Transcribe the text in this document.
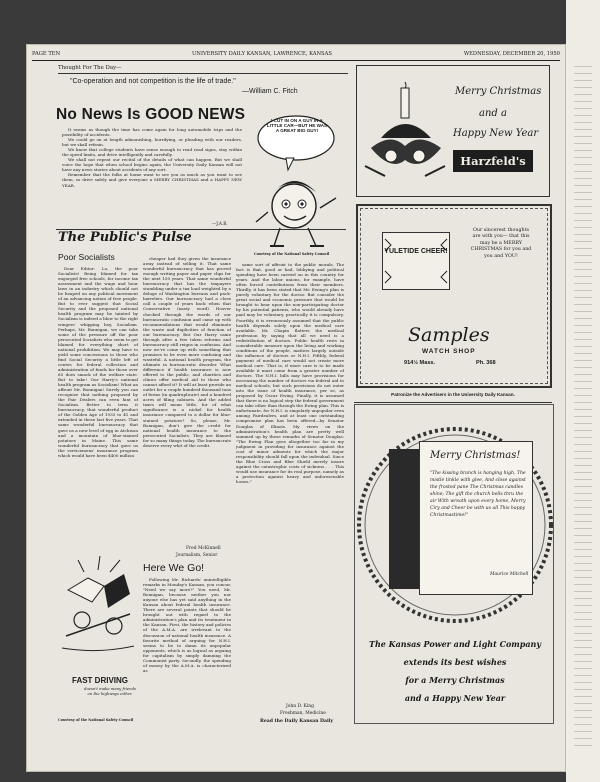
PAGE TEN	UNIVERSITY DAILY KANSAN, LAWRENCE, KANSAS	WEDNESDAY, DECEMBER 20, 1950
Thought For The Day—
"Co-operation and not competition is the life of trade."
—William C. Fitch
No News Is GOOD NEWS

It seems as though the time has come again for long automobile trips and the possibility of accidents.

We could go on at length admonishing, horrifying, or pleading with our readers, but we shall refrain.

We know that college students have sense enough to read road signs, stay within the speed limits, and drive intelligently and carefully.

We shall not repeat our recital of the details of what can happen. But we shall voice the hope that when school begins again, the University Daily Kansan will not have any news stories about accidents of any sort.

Remember that the folks at home want to see you as much as you want to see them, so drive safely and give everyone a MERRY CHRISTMAS and a HAPPY NEW YEAR.

—J.A.B.
I CUT IN ON A GUY IN A LITTLE CAR—BUT HE WAS A GREAT BIG GUY!
Courtesy of the National Safety Council
The Public's Pulse
Poor Socialists

Dear Editor: Lo, the poor Socialists! Being blamed for tax engorged free schools, for income tax assessment and the wage and hour laws in an industry which should not be heaped on any political movement of an advancing nation of free people. But to ever suggest that Social Security and the proposed national health program may be tainted by Socialism is indeed a blow to the right wingers' whipping boy, Socialism. Perhaps, Mr. Bonnigan, we can take some of the pressure off the poor persecuted Socialists who seem to get blamed for everything short of national prohibition. We may have to yield some concessions to those who find Social Security a little left of center, for federal collection and administration of funds for those over 65 does smack of the welfare state. But to take! Our Harry's national health program as Socialism! What an affront Mr. Bonnigan! Surely you can recognize that nothing proposed by the Fair Dealers can even hint of Socialism. Better to term it bureaucracy, that wonderful product of the Golden Age of 1933 to 41 and extended in these last five years. That same wonderful bureaucracy that gave us a new level of egg in Atchison and a mountain of blue-stained potatoes in Maine. This same wonderful bureaucracy that gave us the servicemens' insurance program which would have been $400 million

cheaper had they given the insurance away instead of selling it. That same wonderful bureaucracy that has proved enough writing paper and paper clips for the next 150 years. That same wonderful bureaucracy that has the taxpayers stumbling under a tax load weighted by a deluge of Washington bureaus and pack-barrelers. Our bureaucracy had a close call a couple of years back when that Conservative (nasty word) Hoover checked through the wards of our bureaucratic confusion and came up with recommendations that would eliminate the waste and duplicities of function of our bureaucracy. But Our Harry came through after a few token reforms and bureaucracy still reigns in confusion. And now we're come up with something that promises to be even more confusing and wasteful. A national health program, the ultimate in bureaucratic disorder. What difference if health insurance is now offered to the public, and charities and clinics offer medical aid to those who cannot afford it? It will at least provide an outlet for a couple hundred thousand tons of forms (in quadruplicate) and a hundred acres of filing cabinets. And the added taxes will mean little, for of what significance is a nickel for health insurance compared to a dollar for blue-stained potatoes? So, please, Mr. Bonnigan, don't give the credit for national health insurance to the persecuted Socialists. They are blamed for so many things today. The bureaucrats deserve every whit of the credit.

Fred McKinnell
Journalism, Senior
Here We Go!

Following Mr. Richards' unintelligible remarks in Monday's Kansan, you concur, "Need we say more?" You need, Mr. Bonnigan, because neither you nor anyone else has yet said anything in the Kansan about federal health insurance. There are several points that should be brought out with regard to the administration's plan and its treatment in the Kansan. First, the history and policies of the A.M.A. are irrelevant to the discussion of national health insurance. A favorite method of arguing for N.H.I. seems to be to damn its unpopular opponents, which is as logical as arguing for capitalism by simply damning the Communist party. Secondly, the spending of money by the A.M.A. is characterized as

same sort of affront to the public morals. The fact is that, good or bad, lobbying and political spending have been carried on in this country for years. And the labor unions, for example, have often forced contributions from their members. Thirdly, it has been stated that Mr. Ewing's plan is purely voluntary for the doctor. But consider the great social and economic pressure that would be brought to bear upon the non-participating doctor by his potential patients, who would already have paid may be voluntary, practically it is compulsory. Fourthly, it is erroneously assumed that the public health depends solely upon the medical care available. Mr. Chapin flatters the medical profession by saying that all we need is a redistribution of doctors. Public health rests in considerable measure upon the living and working conditions of the people, matters largely outside the influence of doctors or N.H.I. Fifthly, federal payment of medical care would not create more medical care. That is, if more care is to be made available it must come from a greater number of doctors. The N.H.I. bills may have provisions for increasing the number of doctors via federal aid to medical schools, but such provisions do not enter into the issue of health insurance, per se, as proposed by Oscar Ewing. Finally, it is assumed that there is no logical step the federal government can take other than through the Ewing plan. This is unfortunate, for N.H.I. is singularly unpopular even among Fairdealers, and at least one outstanding compromise plan has been offered—by Senator Douglas of Illinois. My views on the administration's health plan are pretty well summed up by these remarks of Senator Douglas: "The Ewing Plan goes altogether too far in my judgment in providing for insurance against the cost of minor ailments for which the major responsibility should fall upon the individual. Since the Blue Cross and Blue Shield merely insure against the catastrophic costs of sickness . . . This would use insurance for its real purpose, namely as a protection against heavy and unforeseeable losses."

John D. King
Freshman, Medicine
Read the Daily Kansan Daily
FAST DRIVING
doesn't make many friends on the highways either.
Courtesy of the National Safety Council
Merry Christmas
and a
Happy New Year
Harzfeld's
YULETIDE CHEER!
Our sincerest thoughts are with you— that this may be a MERRY CHRISTMAS for you and you and YOU!
Samples
WATCH SHOP
914½ Mass.	Ph. 368
Patronize the Advertisers in the University Daily Kansan.
Merry Christmas!
"The kissing branch is hanging high, The mistle tinkle with glee, And close against the frosted pane The Christmas candles shine; The gift the church bells thru the air With wreath upon every home, Merry Ciry and Cheer be with us all This happy Christmastime!"
Maurice Mitchell
The Kansas Power and Light Company
extends its best wishes
for a Merry Christmas
and a Happy New Year
